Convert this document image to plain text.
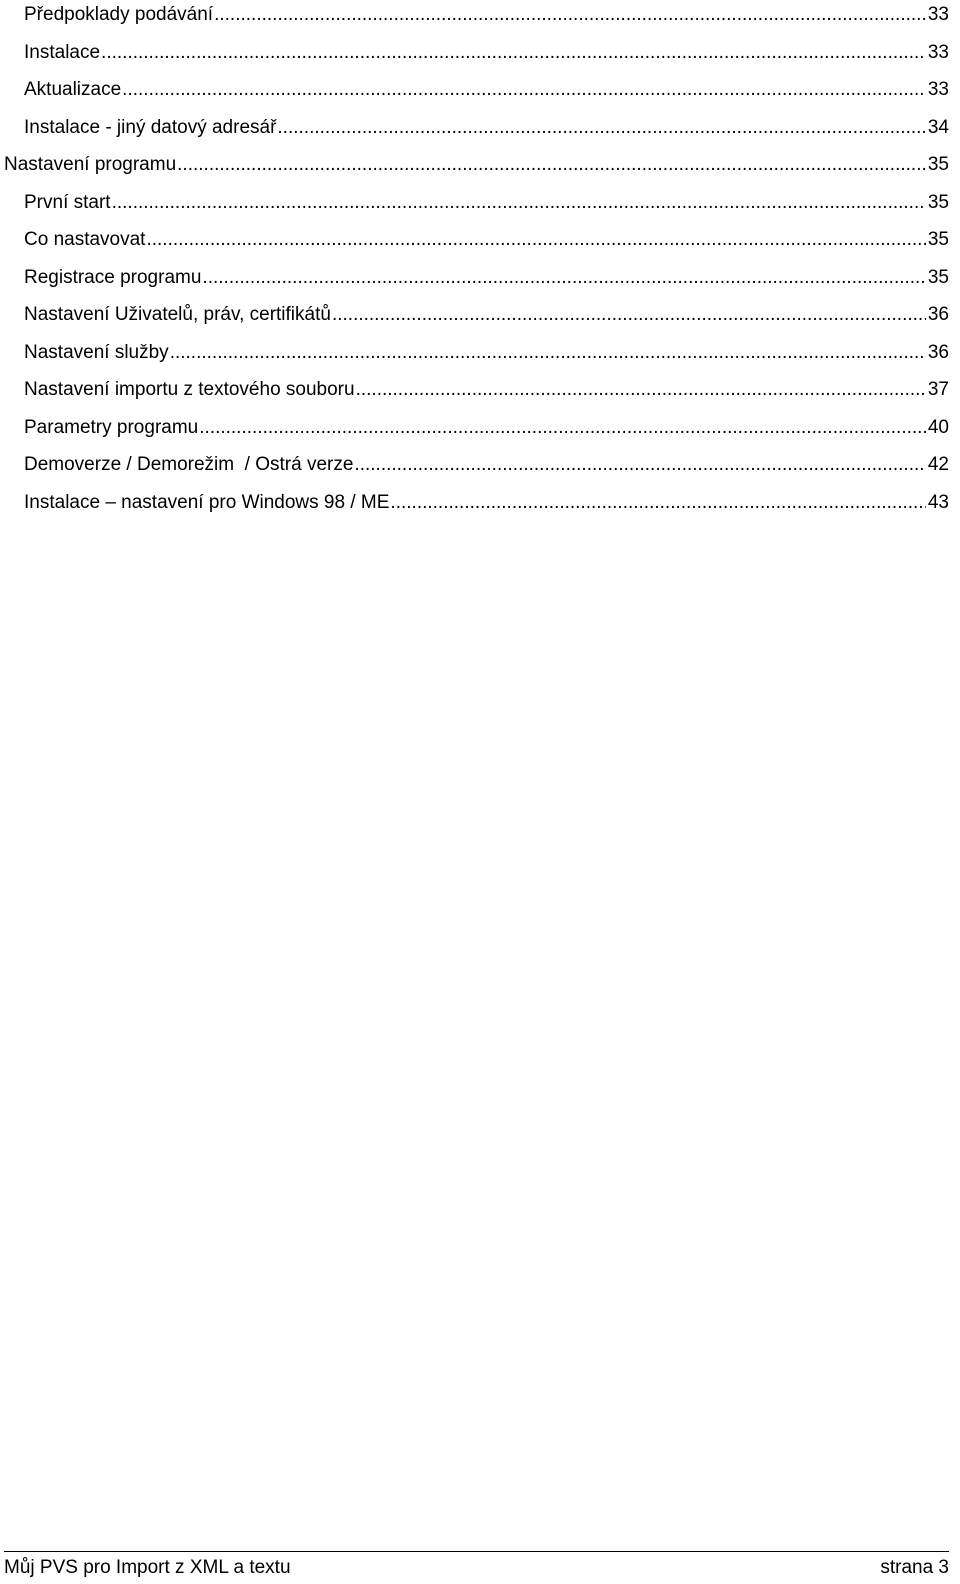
Předpoklady podávání .....	33
Instalace .....	33
Aktualizace .....	33
Instalace - jiný datový adresář .....	34
Nastavení programu .....	35
První start .....	35
Co nastavovat .....	35
Registrace programu .....	35
Nastavení Uživatelů, práv, certifikátů .....	36
Nastavení služby .....	36
Nastavení importu z textového souboru .....	37
Parametry programu .....	40
Demoverze / Demorežim  / Ostrá verze .....	42
Instalace – nastavení pro Windows 98 / ME .....	43
Můj PVS pro Import z XML a textu	strana 3
